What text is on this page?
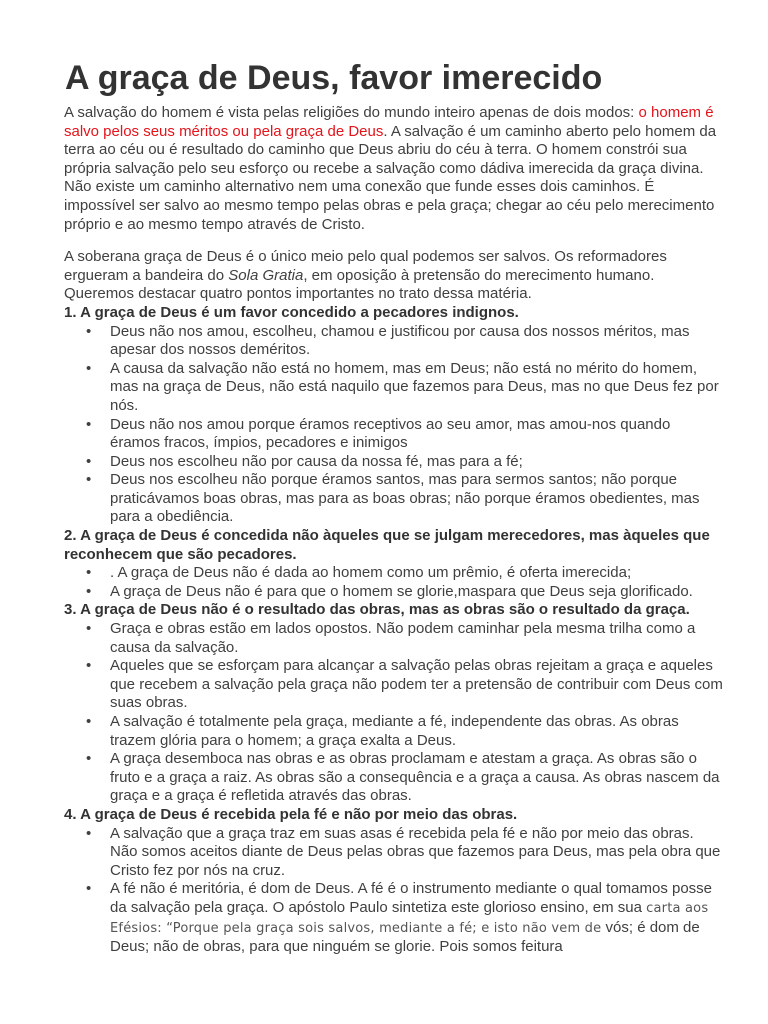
A graça de Deus, favor imerecido

A salvação do homem é vista pelas religiões do mundo inteiro apenas de dois modos: o homem é salvo pelos seus méritos ou pela graça de Deus. A salvação é um caminho aberto pelo homem da terra ao céu ou é resultado do caminho que Deus abriu do céu à terra. O homem constrói sua própria salvação pelo seu esforço ou recebe a salvação como dádiva imerecida da graça divina. Não existe um caminho alternativo nem uma conexão que funde esses dois caminhos. É impossível ser salvo ao mesmo tempo pelas obras e pela graça; chegar ao céu pelo merecimento próprio e ao mesmo tempo através de Cristo.

A soberana graça de Deus é o único meio pelo qual podemos ser salvos. Os reformadores ergueram a bandeira do Sola Gratia, em oposição à pretensão do merecimento humano. Queremos destacar quatro pontos importantes no trato dessa matéria.

1. A graça de Deus é um favor concedido a pecadores indignos.
• Deus não nos amou, escolheu, chamou e justificou por causa dos nossos méritos, mas apesar dos nossos deméritos.
• A causa da salvação não está no homem, mas em Deus; não está no mérito do homem, mas na graça de Deus, não está naquilo que fazemos para Deus, mas no que Deus fez por nós.
• Deus não nos amou porque éramos receptivos ao seu amor, mas amou-nos quando éramos fracos, ímpios, pecadores e inimigos
• Deus nos escolheu não por causa da nossa fé, mas para a fé;
• Deus nos escolheu não porque éramos santos, mas para sermos santos; não porque praticávamos boas obras, mas para as boas obras; não porque éramos obedientes, mas para a obediência.
2. A graça de Deus é concedida não àqueles que se julgam merecedores, mas àqueles que reconhecem que são pecadores.
• . A graça de Deus não é dada ao homem como um prêmio, é oferta imerecida;
• A graça de Deus não é para que o homem se glorie,maspara que Deus seja glorificado.
3. A graça de Deus não é o resultado das obras, mas as obras são o resultado da graça.
• Graça e obras estão em lados opostos. Não podem caminhar pela mesma trilha como a causa da salvação.
• Aqueles que se esforçam para alcançar a salvação pelas obras rejeitam a graça e aqueles que recebem a salvação pela graça não podem ter a pretensão de contribuir com Deus com suas obras.
• A salvação é totalmente pela graça, mediante a fé, independente das obras. As obras trazem glória para o homem; a graça exalta a Deus.
• A graça desemboca nas obras e as obras proclamam e atestam a graça. As obras são o fruto e a graça a raiz. As obras são a consequência e a graça a causa. As obras nascem da graça e a graça é refletida através das obras.
4. A graça de Deus é recebida pela fé e não por meio das obras.
• A salvação que a graça traz em suas asas é recebida pela fé e não por meio das obras. Não somos aceitos diante de Deus pelas obras que fazemos para Deus, mas pela obra que Cristo fez por nós na cruz.
• A fé não é meritória, é dom de Deus. A fé é o instrumento mediante o qual tomamos posse da salvação pela graça. O apóstolo Paulo sintetiza este glorioso ensino, em sua carta aos Efésios: “Porque pela graça sois salvos, mediante a fé; e isto não vem de vós; é dom de Deus; não de obras, para que ninguém se glorie. Pois somos feitura
